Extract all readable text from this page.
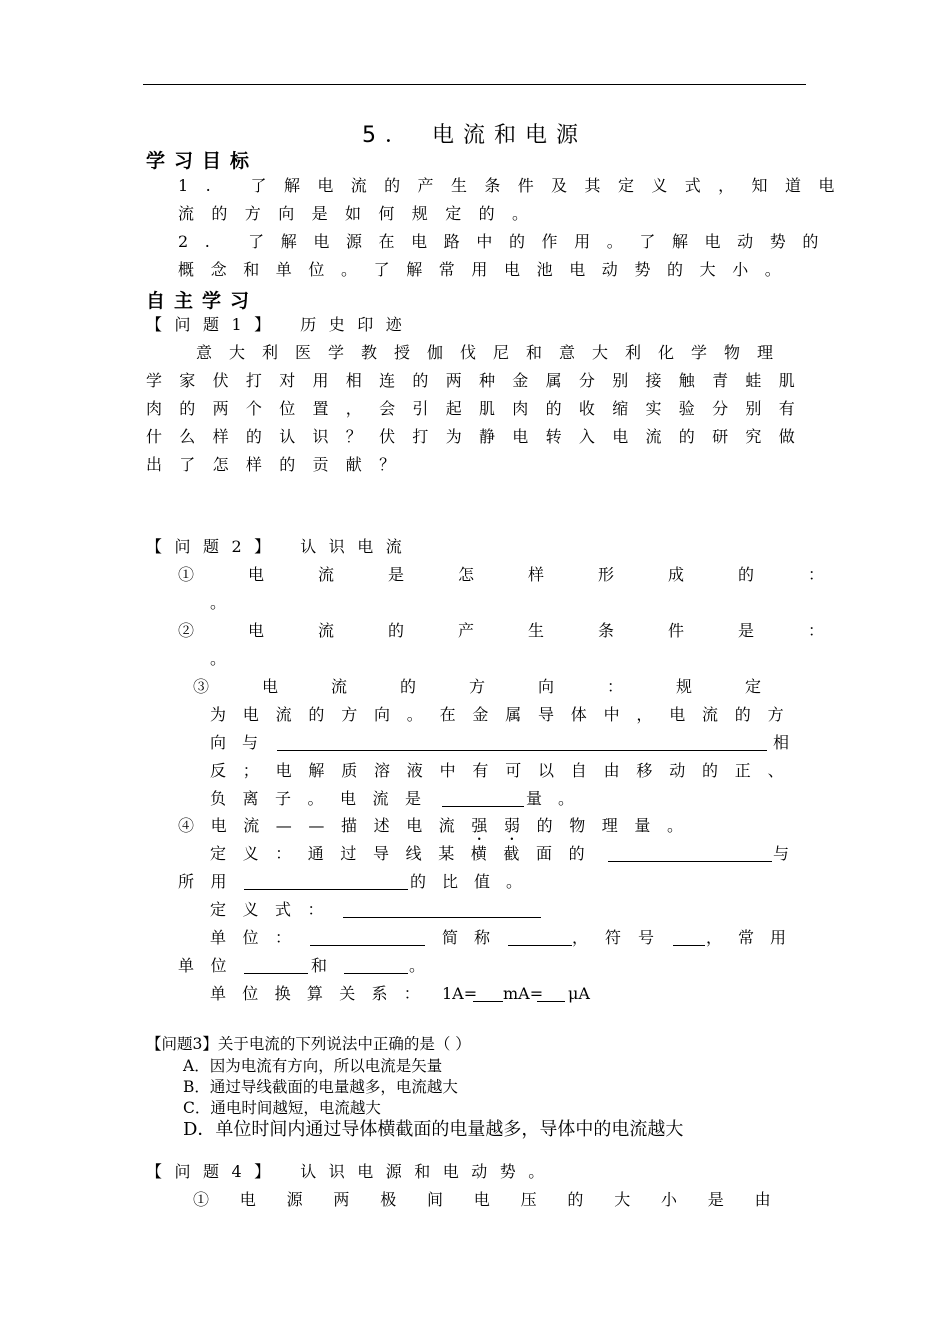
5． 电流和电源
学习目标
1. 了解电流的产生条件及其定义式，知道电
流的方向是如何规定的。
2. 了解电源在电路中的作用。了解电动势的
概念和单位。了解常用电池电动势的大小。
自主学习
【问题1】 历史印迹
意大利医学教授伽伐尼和意大利化学物理
学家伏打对用相连的两种金属分别接触青蛙肌
肉的两个位置，会引起肌肉的收缩实验分别有
什么样的认识？伏打为静电转入电流的研究做
出了怎样的贡献？
【问题2】 认识电流
①电流是怎样形成的：
。
②电流的产生条件是：
。
③电流的方向：规定
为电流的方向。在金属导体中，电流的方
向与	相
反；电解质溶液中有可以自由移动的正、
负离子。电流是	量。
④电流——描述电流强弱的物理量。
定义：通过导线某横截面的	与
所用	的比值。
定义式：
单位：	简称	，符号 ，常用
单位	和	。
单位换算关系： 1A= mA= μA
【问题3】关于电流的下列说法中正确的是（ ）
A．因为电流有方向，所以电流是矢量
B．通过导线截面的电量越多，电流越大
C．通电时间越短，电流越大
D．单位时间内通过导体横截面的电量越多，导体中的电流越大
【问题4】 认识电源和电动势。
①电源两极间电压的大小是由
